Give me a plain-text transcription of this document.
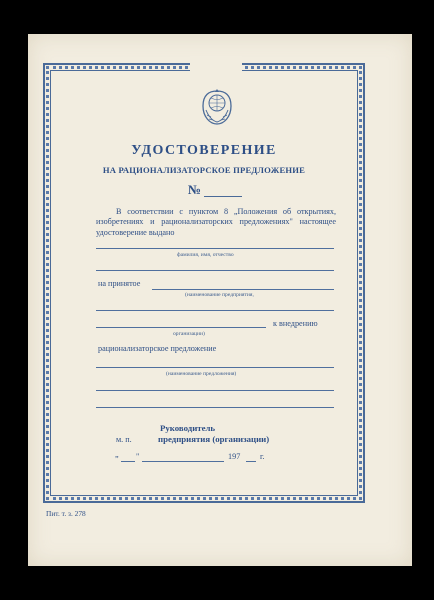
УДОСТОВЕРЕНИЕ
НА РАЦИОНАЛИЗАТОРСКОЕ ПРЕДЛОЖЕНИЕ
№

В соответствии с пунктом 8 „Положения об открытиях, изобретениях и рационализаторских предложениях" настоящее удостоверение выдано

фамилия, имя, отчество
на принятое
(наименование предприятия,
к внедрению
организации)
рационализаторское предложение
(наименование предложения)
Руководитель
м. п.	предприятия (организации)
„ "	197 г.
Пит. т. з. 278
